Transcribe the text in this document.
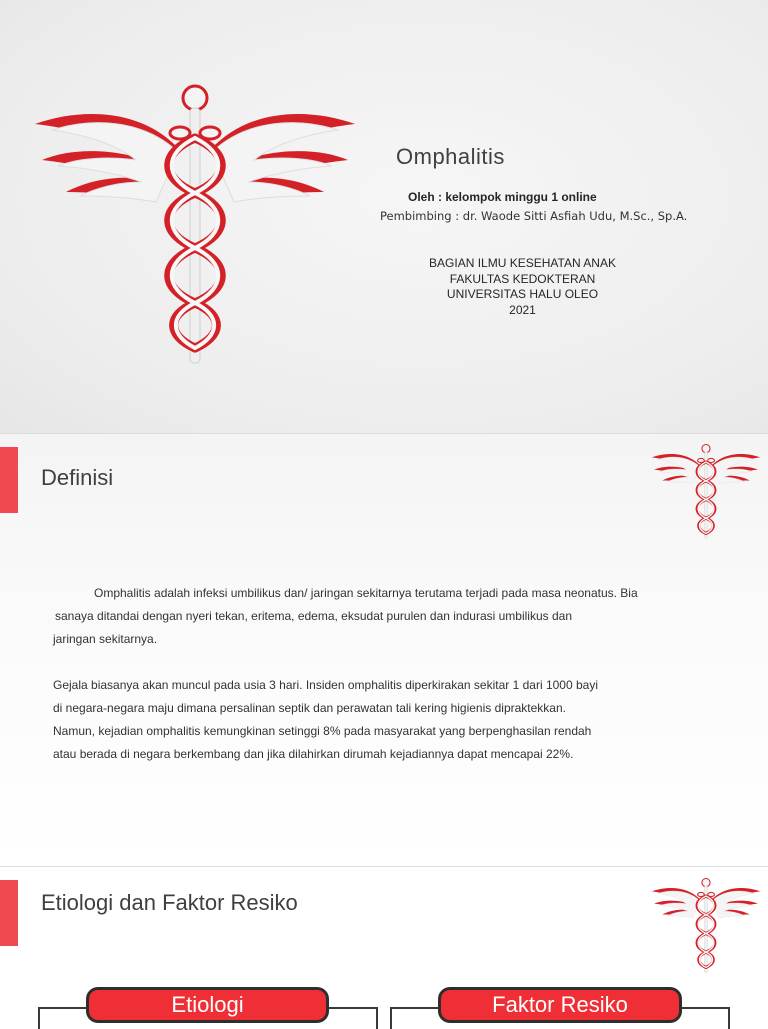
Omphalitis
Oleh : kelompok minggu 1 online
Pembimbing : dr. Waode Sitti Asfiah Udu, M.Sc., Sp.A.
BAGIAN ILMU KESEHATAN ANAK
FAKULTAS KEDOKTERAN
UNIVERSITAS HALU OLEO
2021
Definisi
Omphalitis adalah infeksi umbilikus dan/ jaringan sekitarnya terutama terjadi pada masa neonatus. Bia
sanaya ditandai dengan nyeri tekan, eritema, edema, eksudat purulen dan indurasi umbilikus dan
jaringan sekitarnya.
Gejala biasanya akan muncul pada usia 3 hari. Insiden omphalitis diperkirakan sekitar 1 dari 1000 bayi
di negara-negara maju dimana persalinan septik dan perawatan tali kering higienis dipraktekkan.
Namun, kejadian omphalitis kemungkinan setinggi 8% pada masyarakat yang berpenghasilan rendah
atau berada di negara berkembang dan jika dilahirkan dirumah kejadiannya dapat mencapai 22%.
Etiologi dan Faktor Resiko
Etiologi	Faktor Resiko
